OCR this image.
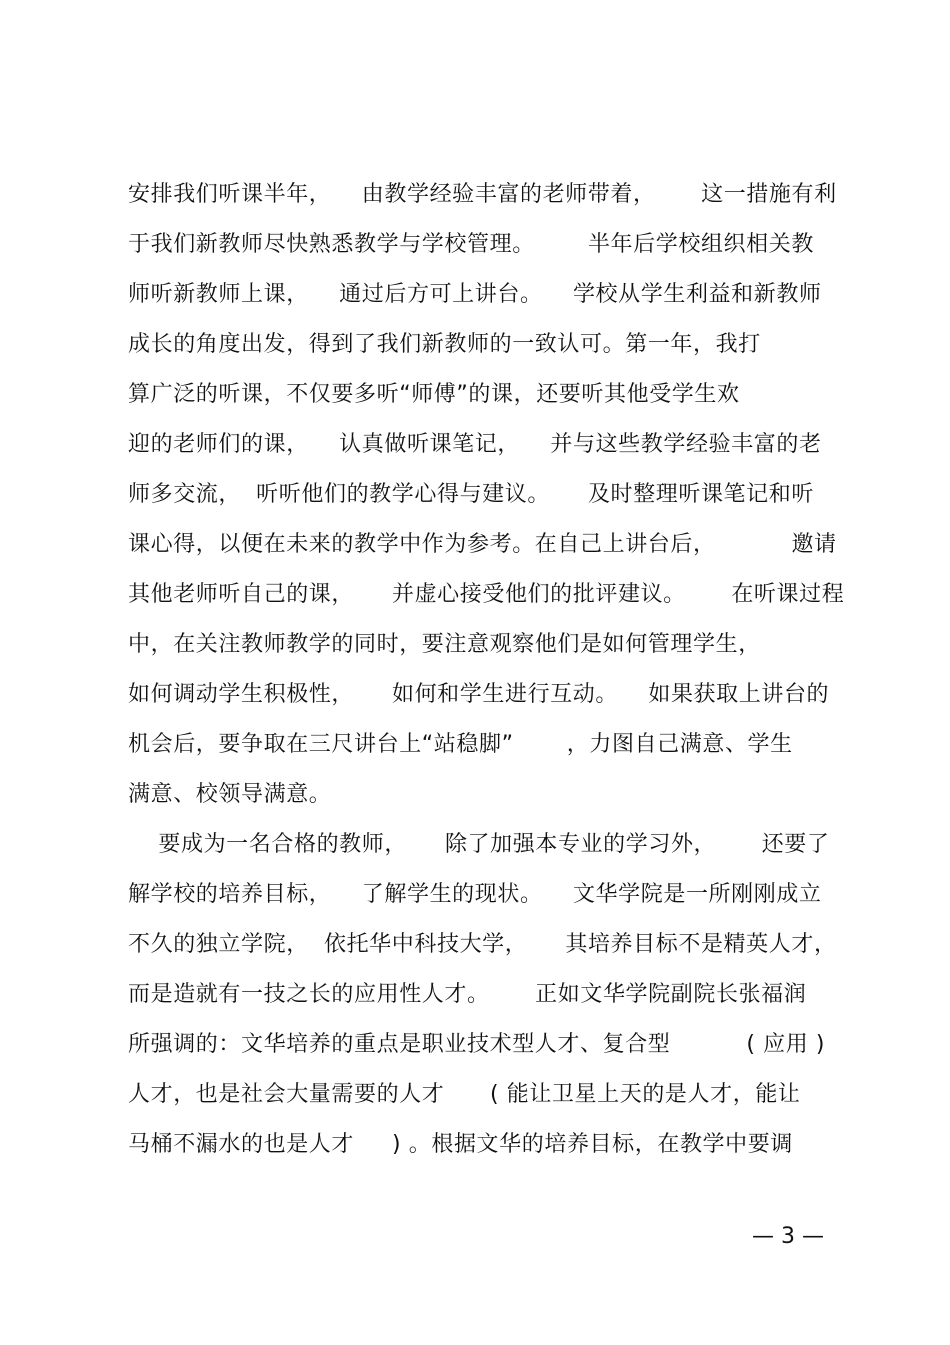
安排我们听课半年，    由教学经验丰富的老师带着，      这一措施有利
于我们新教师尽快熟悉教学与学校管理。       半年后学校组织相关教
师听新教师上课，    通过后方可上讲台。    学校从学生利益和新教师
成长的角度出发，得到了我们新教师的一致认可。第一年，我打
算广泛的听课，不仅要多听“师傅”的课，还要听其他受学生欢
迎的老师们的课，    认真做听课笔记，    并与这些教学经验丰富的老
师多交流，  听听他们的教学心得与建议。     及时整理听课笔记和听
课心得，以便在未来的教学中作为参考。在自己上讲台后，          邀请
其他老师听自己的课，     并虚心接受他们的批评建议。      在听课过程
中，在关注教师教学的同时，要注意观察他们是如何管理学生，
如何调动学生积极性，     如何和学生进行互动。    如果获取上讲台的
机会后，要争取在三尺讲台上“站稳脚”       ，力图自己满意、学生
满意、校领导满意。
要成为一名合格的教师，     除了加强本专业的学习外，      还要了
解学校的培养目标，    了解学生的现状。    文华学院是一所刚刚成立
不久的独立学院，  依托华中科技大学，     其培养目标不是精英人才，
而是造就有一技之长的应用性人才。      正如文华学院副院长张福润
所强调的：文华培养的重点是职业技术型人才、复合型          ( 应用 )
人才，也是社会大量需要的人才      ( 能让卫星上天的是人才，能让
马桶不漏水的也是人才     ) 。根据文华的培养目标，在教学中要调
— 3 —
